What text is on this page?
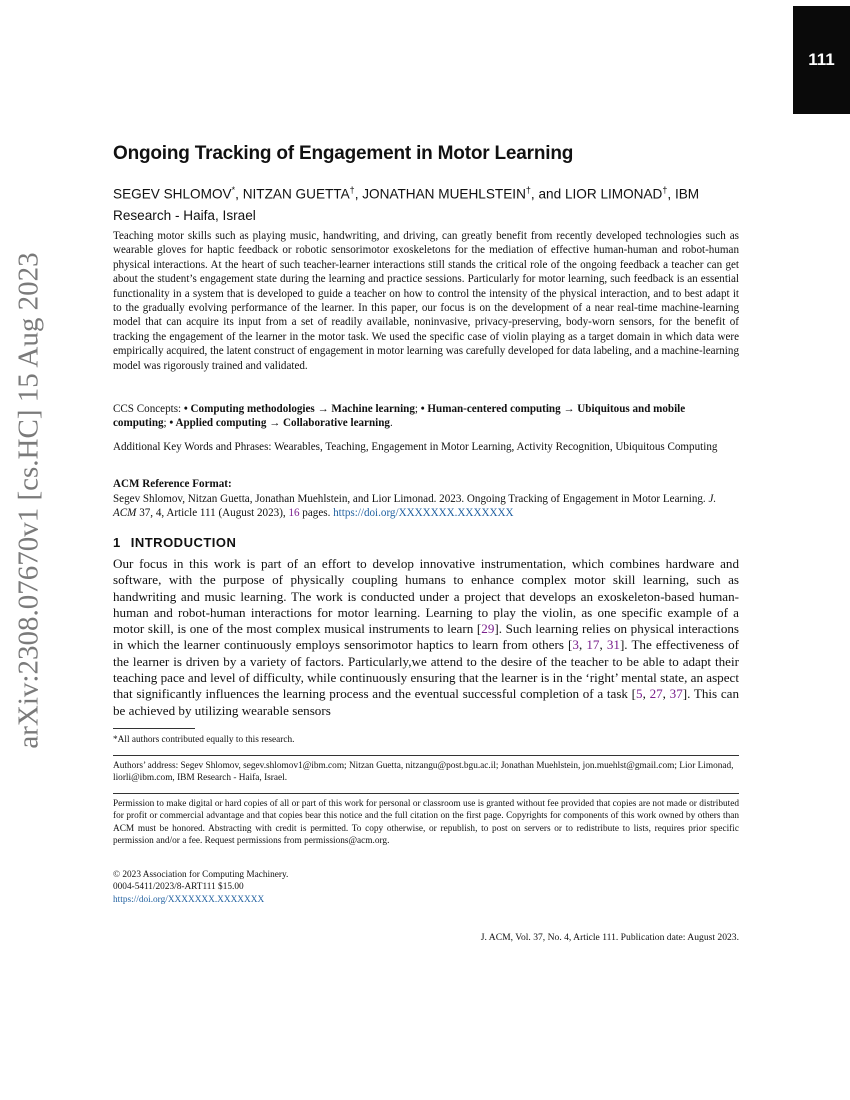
111
arXiv:2308.07670v1 [cs.HC] 15 Aug 2023
Ongoing Tracking of Engagement in Motor Learning

SEGEV SHLOMOV*, NITZAN GUETTA†, JONATHAN MUEHLSTEIN†, and LIOR LIMONAD†, IBM Research - Haifa, Israel

Teaching motor skills such as playing music, handwriting, and driving, can greatly benefit from recently developed technologies such as wearable gloves for haptic feedback or robotic sensorimotor exoskeletons for the mediation of effective human-human and robot-human physical interactions. At the heart of such teacher-learner interactions still stands the critical role of the ongoing feedback a teacher can get about the student’s engagement state during the learning and practice sessions. Particularly for motor learning, such feedback is an essential functionality in a system that is developed to guide a teacher on how to control the intensity of the physical interaction, and to best adapt it to the gradually evolving performance of the learner. In this paper, our focus is on the development of a near real-time machine-learning model that can acquire its input from a set of readily available, noninvasive, privacy-preserving, body-worn sensors, for the benefit of tracking the engagement of the learner in the motor task. We used the specific case of violin playing as a target domain in which data were empirically acquired, the latent construct of engagement in motor learning was carefully developed for data labeling, and a machine-learning model was rigorously trained and validated.

CCS Concepts: • Computing methodologies → Machine learning; • Human-centered computing → Ubiquitous and mobile computing; • Applied computing → Collaborative learning.

Additional Key Words and Phrases: Wearables, Teaching, Engagement in Motor Learning, Activity Recognition, Ubiquitous Computing

ACM Reference Format:

Segev Shlomov, Nitzan Guetta, Jonathan Muehlstein, and Lior Limonad. 2023. Ongoing Tracking of Engagement in Motor Learning. J. ACM 37, 4, Article 111 (August 2023), 16 pages. https://doi.org/XXXXXXX.XXXXXXX

1 INTRODUCTION

Our focus in this work is part of an effort to develop innovative instrumentation, which combines hardware and software, with the purpose of physically coupling humans to enhance complex motor skill learning, such as handwriting and music learning. The work is conducted under a project that develops an exoskeleton-based human-human and robot-human interactions for motor learning. Learning to play the violin, as one specific example of a motor skill, is one of the most complex musical instruments to learn [29]. Such learning relies on physical interactions in which the learner continuously employs sensorimotor haptics to learn from others [3, 17, 31]. The effectiveness of the learner is driven by a variety of factors. Particularly,we attend to the desire of the teacher to be able to adapt their teaching pace and level of difficulty, while continuously ensuring that the learner is in the ‘right’ mental state, an aspect that significantly influences the learning process and the eventual successful completion of a task [5, 27, 37]. This can be achieved by utilizing wearable sensors

*All authors contributed equally to this research.

Authors’ address: Segev Shlomov, segev.shlomov1@ibm.com; Nitzan Guetta, nitzangu@post.bgu.ac.il; Jonathan Muehlstein, jon.muehlst@gmail.com; Lior Limonad, liorli@ibm.com, IBM Research - Haifa, Israel.

Permission to make digital or hard copies of all or part of this work for personal or classroom use is granted without fee provided that copies are not made or distributed for profit or commercial advantage and that copies bear this notice and the full citation on the first page. Copyrights for components of this work owned by others than ACM must be honored. Abstracting with credit is permitted. To copy otherwise, or republish, to post on servers or to redistribute to lists, requires prior specific permission and/or a fee. Request permissions from permissions@acm.org.

© 2023 Association for Computing Machinery.
0004-5411/2023/8-ART111 $15.00
https://doi.org/XXXXXXX.XXXXXXX

J. ACM, Vol. 37, No. 4, Article 111. Publication date: August 2023.
